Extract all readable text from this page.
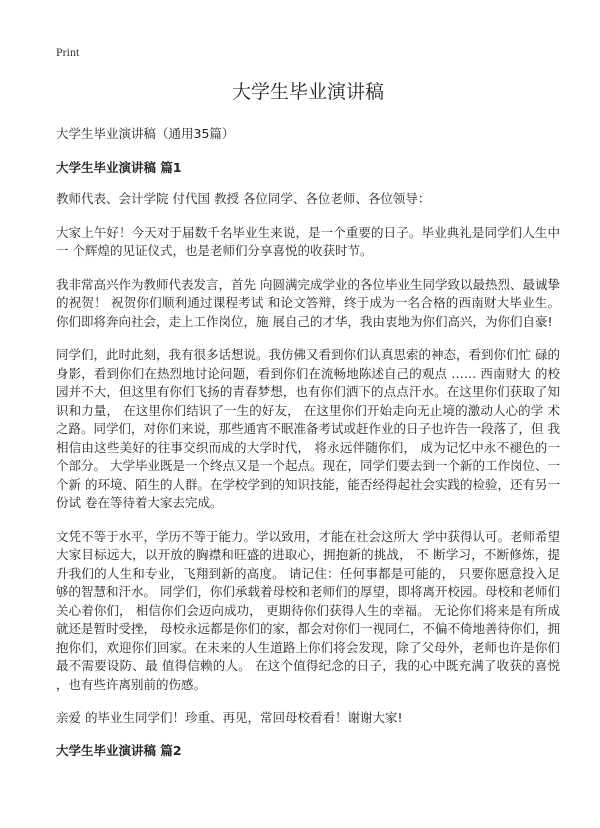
Print
大学生毕业演讲稿

大学生毕业演讲稿（通用35篇）

大学生毕业演讲稿 篇1

教师代表、会计学院 付代国 教授 各位同学、各位老师、各位领导：

大家上午好！今天对于届数千名毕业生来说，是一个重要的日子。毕业典礼是同学们人生中一 个辉煌的见证仪式，也是老师们分享喜悦的收获时节。

我非常高兴作为教师代表发言，首先 向圆满完成学业的各位毕业生同学致以最热烈、最诚挚的祝贺！ 祝贺你们顺利通过课程考试 和论文答辩，终于成为一名合格的西南财大毕业生。你们即将奔向社会，走上工作岗位，施 展自己的才华，我由衷地为你们高兴，为你们自豪!

同学们，此时此刻，我有很多话想说。我仿佛又看到你们认真思索的神态，看到你们忙 碌的身影，看到你们在热烈地讨论问题，看到你们在流畅地陈述自己的观点 …… 西南财大 的校园并不大，但这里有你们飞扬的青春梦想，也有你们洒下的点点汗水。在这里你们获取了知识和力量， 在这里你们结识了一生的好友， 在这里你们开始走向无止境的激动人心的学 术之路。同学们，对你们来说，那些通宵不眠准备考试或赶作业的日子也许告一段落了，但 我相信由这些美好的往事交织而成的大学时代， 将永远伴随你们， 成为记忆中永不褪色的一个部分。 大学毕业既是一个终点又是一个起点。现在，同学们要去到一个新的工作岗位、一个新 的环境、陌生的人群。在学校学到的知识技能，能否经得起社会实践的检验，还有另一份试 卷在等待着大家去完成。

文凭不等于水平，学历不等于能力。学以致用，才能在社会这所大 学中获得认可。老师希望大家目标远大，以开放的胸襟和旺盛的进取心，拥抱新的挑战， 不 断学习，不断修炼，提升我们的人生和专业，飞翔到新的高度。 请记住：任何事都是可能的， 只要你愿意投入足够的智慧和汗水。 同学们，你们承载着母校和老师们的厚望，即将离开校园。母校和老师们关心着你们， 相信你们会迈向成功， 更期待你们获得人生的幸福。 无论你们将来是有所成就还是暂时受挫， 母校永远都是你们的家，都会对你们一视同仁，不偏不倚地善待你们，拥抱你们，欢迎你们回家。在未来的人生道路上你们将会发现，除了父母外，老师也许是你们最不需要设防、最 值得信赖的人。 在这个值得纪念的日子，我的心中既充满了收获的喜悦 ，也有些许离别前的伤感。

亲爱 的毕业生同学们！珍重、再见，常回母校看看！谢谢大家!

大学生毕业演讲稿 篇2
